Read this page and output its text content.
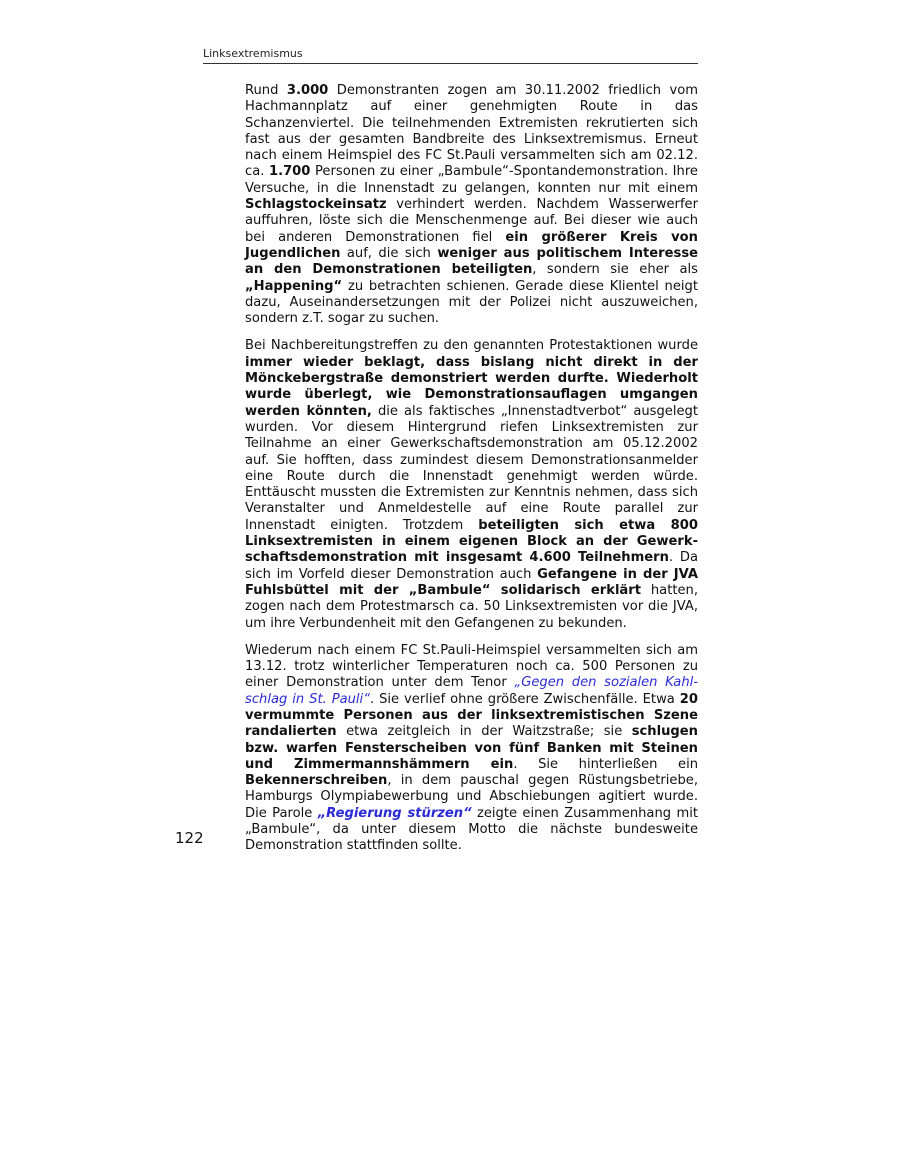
Linksextremismus

Rund 3.000 Demonstranten zogen am 30.11.2002 friedlich vom Hachmannplatz auf einer genehmigten Route in das Schanzenviertel. Die teilnehmenden Extremisten rekrutierten sich fast aus der gesamten Bandbreite des Linksextremismus. Erneut nach einem Heimspiel des FC St.Pauli versammelten sich am 02.12. ca. 1.700 Personen zu einer „Bambule“-Spontandemonstration. Ihre Versuche, in die Innenstadt zu gelangen, konnten nur mit einem Schlagstockeinsatz verhindert werden. Nachdem Wasserwerfer auffuhren, löste sich die Menschenmenge auf. Bei dieser wie auch bei anderen Demonstrationen fiel ein größerer Kreis von Jugendlichen auf, die sich weniger aus politischem Interesse an den Demonstrationen beteiligten, sondern sie eher als „Happening“ zu betrachten schienen. Gerade diese Klientel neigt dazu, Auseinandersetzungen mit der Polizei nicht auszuweichen, sondern z.T. sogar zu suchen.

Bei Nachbereitungstreffen zu den genannten Protestaktionen wurde immer wieder beklagt, dass bislang nicht direkt in der Mönckebergstraße demonstriert werden durfte. Wiederholt wurde überlegt, wie Demonstrationsauflagen umgangen werden könnten, die als faktisches „Innenstadtverbot“ ausgelegt wurden. Vor diesem Hintergrund riefen Linksextremisten zur Teilnahme an einer Gewerkschaftsdemonstration am 05.12.2002 auf. Sie hofften, dass zumindest diesem Demonstrationsanmelder eine Route durch die Innenstadt genehmigt werden würde. Enttäuscht mussten die Extremisten zur Kenntnis nehmen, dass sich Veranstalter und Anmeldestelle auf eine Route parallel zur Innenstadt einigten. Trotzdem beteiligten sich etwa 800 Linksextremisten in einem eigenen Block an der Gewerkschaftsdemonstration mit insgesamt 4.600 Teilnehmern. Da sich im Vorfeld dieser Demonstration auch Gefangene in der JVA Fuhlsbüttel mit der „Bambule“ solidarisch erklärt hatten, zogen nach dem Protestmarsch ca. 50 Linksextremisten vor die JVA, um ihre Verbundenheit mit den Gefangenen zu bekunden.

Wiederum nach einem FC St.Pauli-Heimspiel versammelten sich am 13.12. trotz winterlicher Temperaturen noch ca. 500 Personen zu einer Demonstration unter dem Tenor „Gegen den sozialen Kahlschlag in St. Pauli“. Sie verlief ohne größere Zwischenfälle. Etwa 20 vermummte Personen aus der linksextremistischen Szene randalierten etwa zeitgleich in der Waitzstraße; sie schlugen bzw. warfen Fensterscheiben von fünf Banken mit Steinen und Zimmermannshämmern ein. Sie hinterließen ein Bekennerschreiben, in dem pauschal gegen Rüstungsbetriebe, Hamburgs Olympiabewerbung und Abschiebungen agitiert wurde. Die Parole „Regierung stürzen“ zeigte einen Zusammenhang mit „Bambule“, da unter diesem Motto die nächste bundesweite Demonstration stattfinden sollte.

122
